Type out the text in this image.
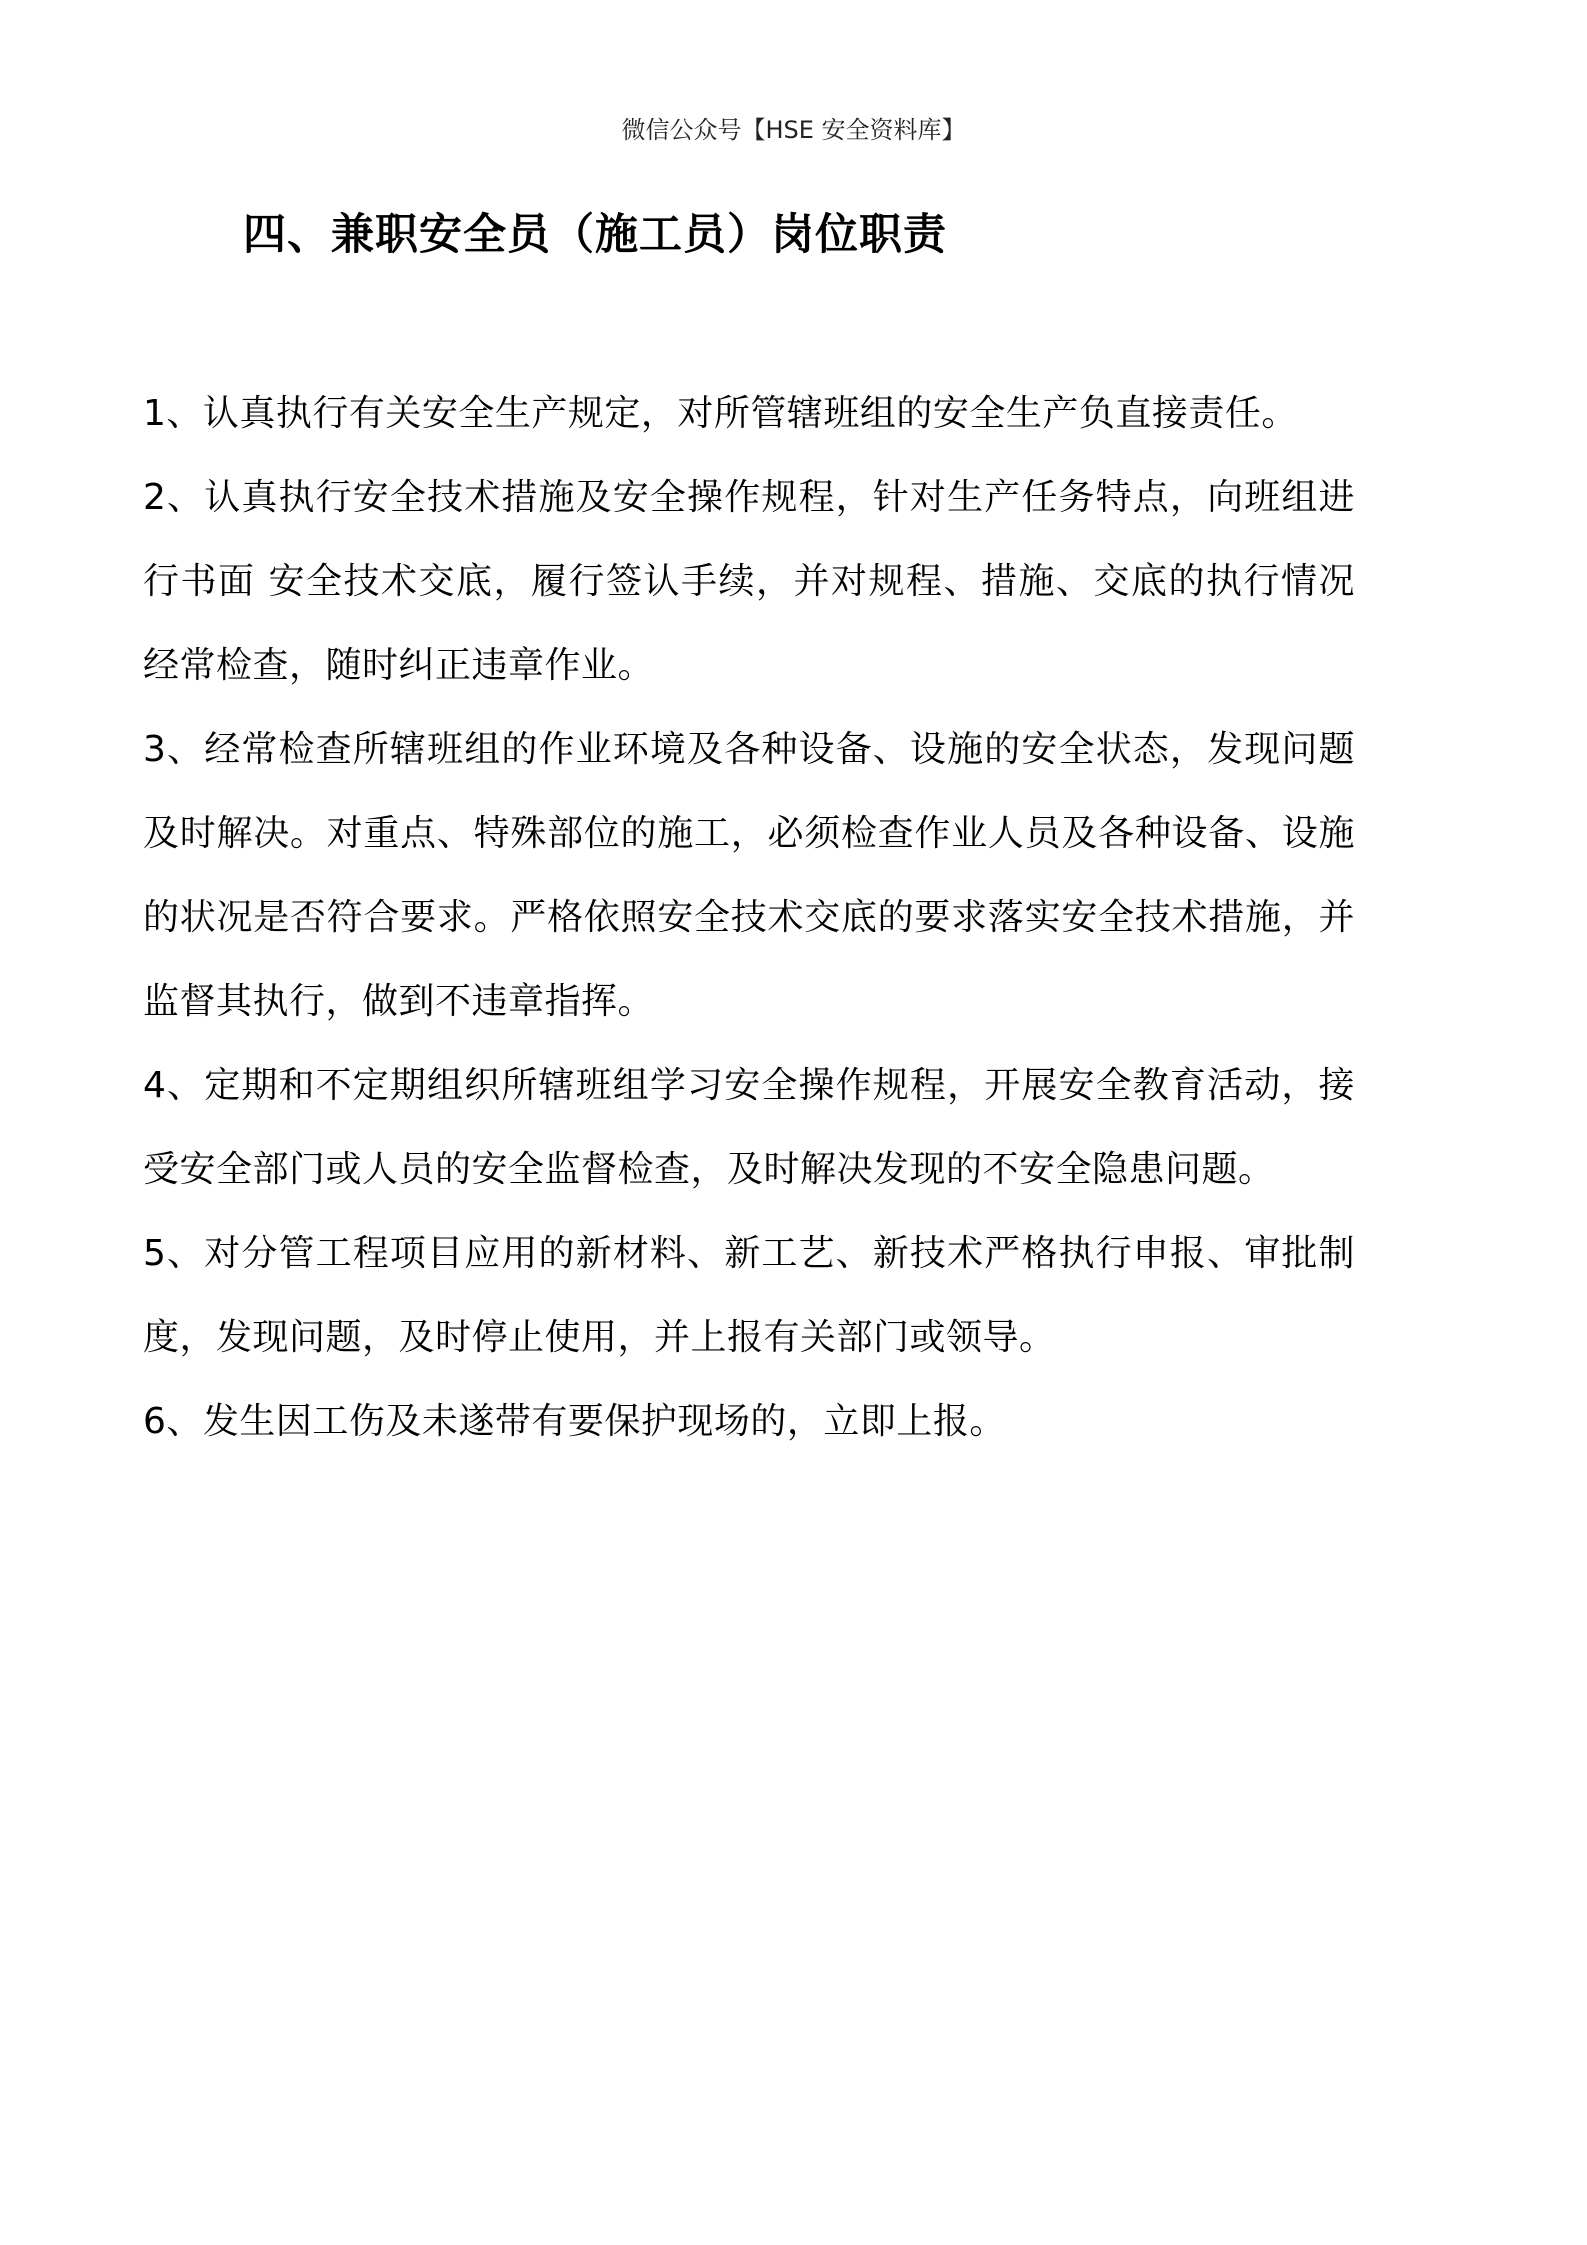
微信公众号【HSE 安全资料库】
四、兼职安全员（施工员）岗位职责

1、认真执行有关安全生产规定，对所管辖班组的安全生产负直接责任。

2、认真执行安全技术措施及安全操作规程，针对生产任务特点，向班组进行书面 安全技术交底，履行签认手续，并对规程、措施、交底的执行情况经常检查，随时纠正违章作业。

3、经常检查所辖班组的作业环境及各种设备、设施的安全状态，发现问题及时解决。对重点、特殊部位的施工，必须检查作业人员及各种设备、设施的状况是否符合要求。严格依照安全技术交底的要求落实安全技术措施，并监督其执行，做到不违章指挥。

4、定期和不定期组织所辖班组学习安全操作规程，开展安全教育活动，接受安全部门或人员的安全监督检查，及时解决发现的不安全隐患问题。

5、对分管工程项目应用的新材料、新工艺、新技术严格执行申报、审批制度，发现问题，及时停止使用，并上报有关部门或领导。

6、发生因工伤及未遂带有要保护现场的，立即上报。
